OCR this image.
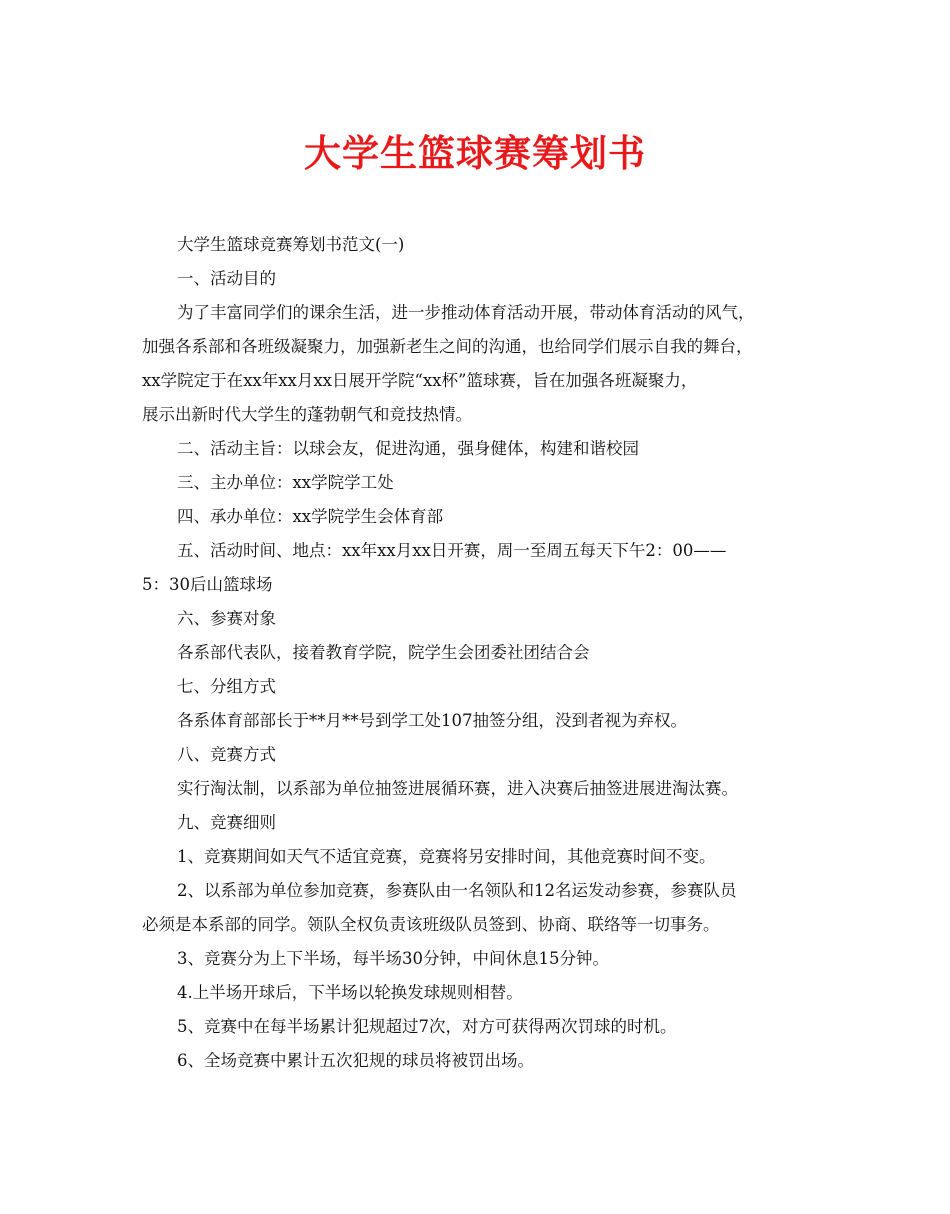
大学生篮球赛筹划书

大学生篮球竞赛筹划书范文(一)

一、活动目的

为了丰富同学们的课余生活，进一步推动体育活动开展，带动体育活动的风气，

加强各系部和各班级凝聚力，加强新老生之间的沟通，也给同学们展示自我的舞台，

xx学院定于在xx年xx月xx日展开学院“xx杯”篮球赛，旨在加强各班凝聚力，

展示出新时代大学生的蓬勃朝气和竞技热情。

二、活动主旨：以球会友，促进沟通，强身健体，构建和谐校园

三、主办单位：xx学院学工处

四、承办单位：xx学院学生会体育部

五、活动时间、地点：xx年xx月xx日开赛，周一至周五每天下午2：00——

5：30后山篮球场

六、参赛对象

各系部代表队，接着教育学院，院学生会团委社团结合会

七、分组方式

各系体育部部长于**月**号到学工处107抽签分组，没到者视为弃权。

八、竞赛方式

实行淘汰制，以系部为单位抽签进展循环赛，进入决赛后抽签进展进淘汰赛。

九、竞赛细则

1、竞赛期间如天气不适宜竞赛，竞赛将另安排时间，其他竞赛时间不变。

2、以系部为单位参加竞赛，参赛队由一名领队和12名运发动参赛，参赛队员

必须是本系部的同学。领队全权负责该班级队员签到、协商、联络等一切事务。

3、竞赛分为上下半场，每半场30分钟，中间休息15分钟。

4.上半场开球后，下半场以轮换发球规则相替。

5、竞赛中在每半场累计犯规超过7次，对方可获得两次罚球的时机。

6、全场竞赛中累计五次犯规的球员将被罚出场。
